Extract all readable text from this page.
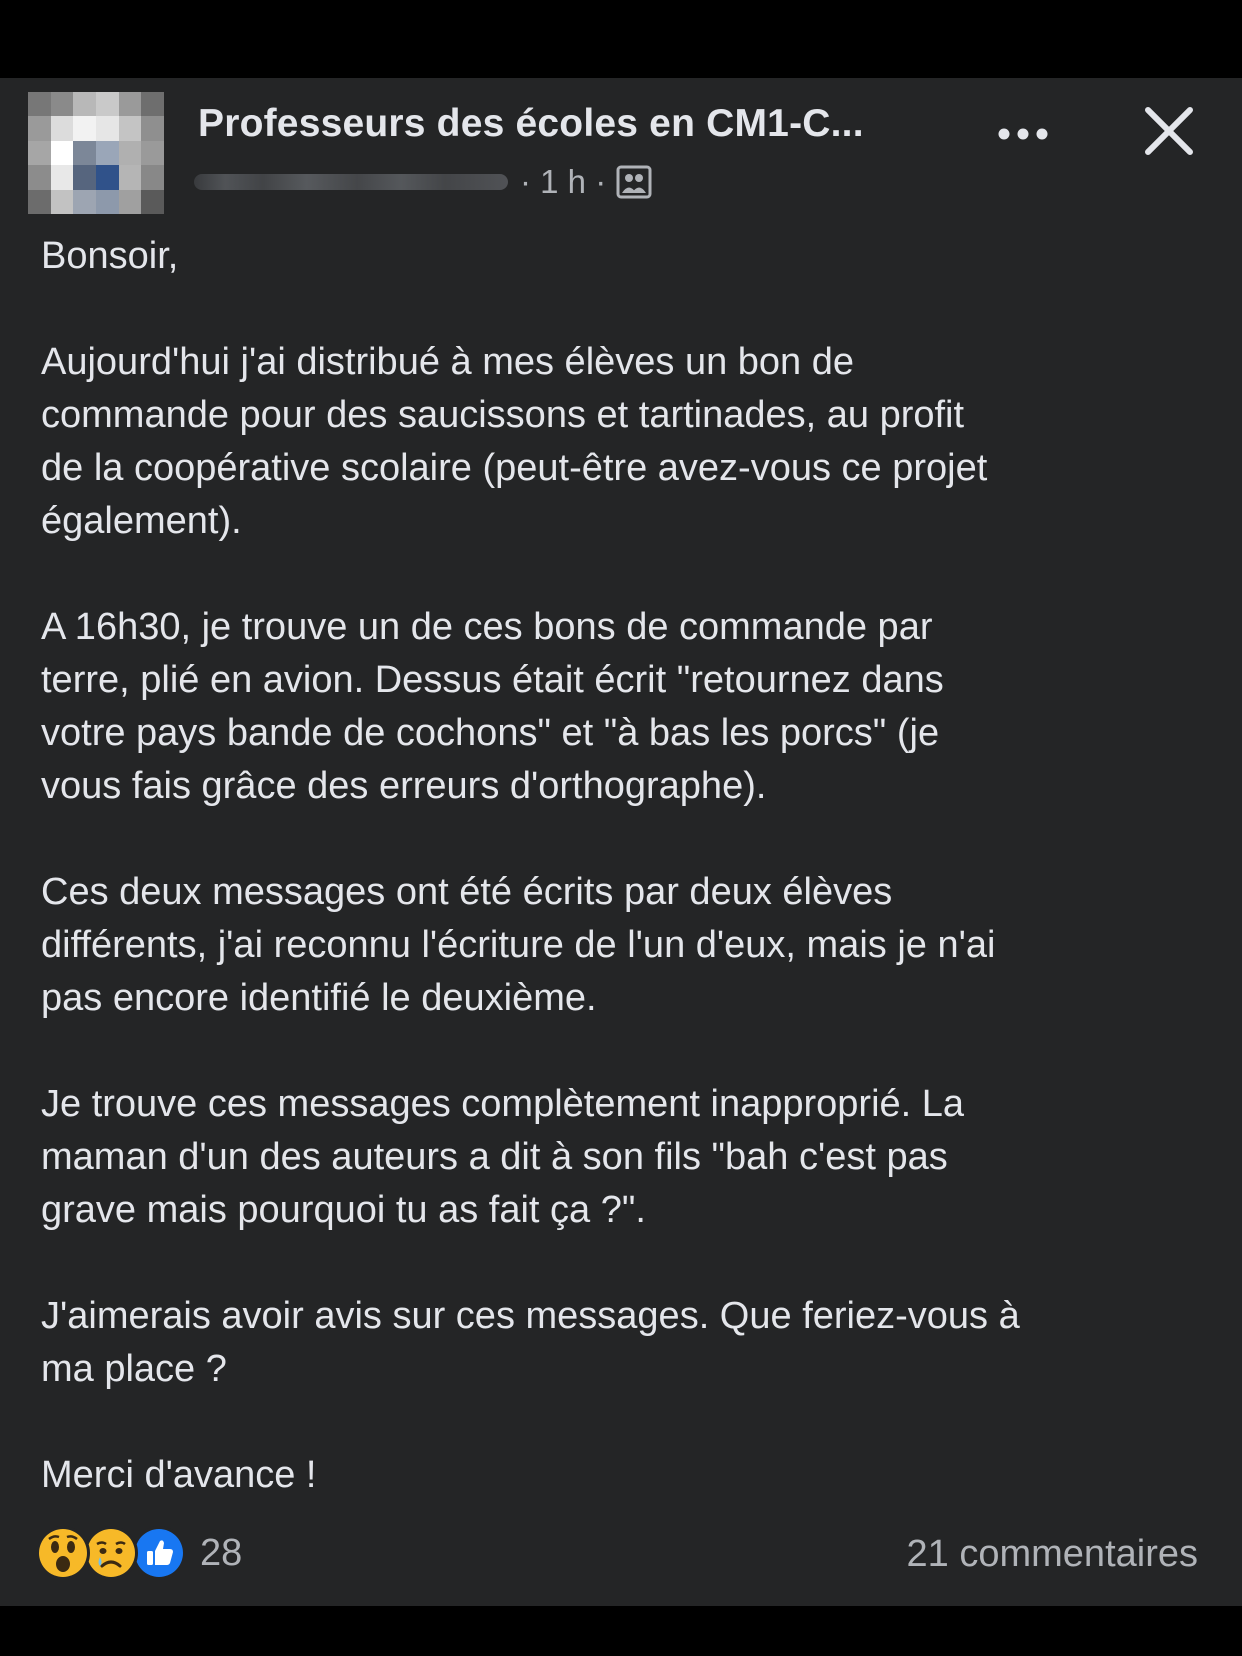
Professeurs des écoles en CM1-C...
· 1 h ·

Bonsoir,

Aujourd'hui j'ai distribué à mes élèves un bon de
commande pour des saucissons et tartinades, au profit
de la coopérative scolaire (peut-être avez-vous ce projet
également).

A 16h30, je trouve un de ces bons de commande par
terre, plié en avion. Dessus était écrit "retournez dans
votre pays bande de cochons" et "à bas les porcs" (je
vous fais grâce des erreurs d'orthographe).

Ces deux messages ont été écrits par deux élèves
différents, j'ai reconnu l'écriture de l'un d'eux, mais je n'ai
pas encore identifié le deuxième.

Je trouve ces messages complètement inapproprié. La
maman d'un des auteurs a dit à son fils "bah c'est pas
grave mais pourquoi tu as fait ça ?".

J'aimerais avoir avis sur ces messages. Que feriez-vous à
ma place ?

Merci d'avance !

28	21 commentaires
